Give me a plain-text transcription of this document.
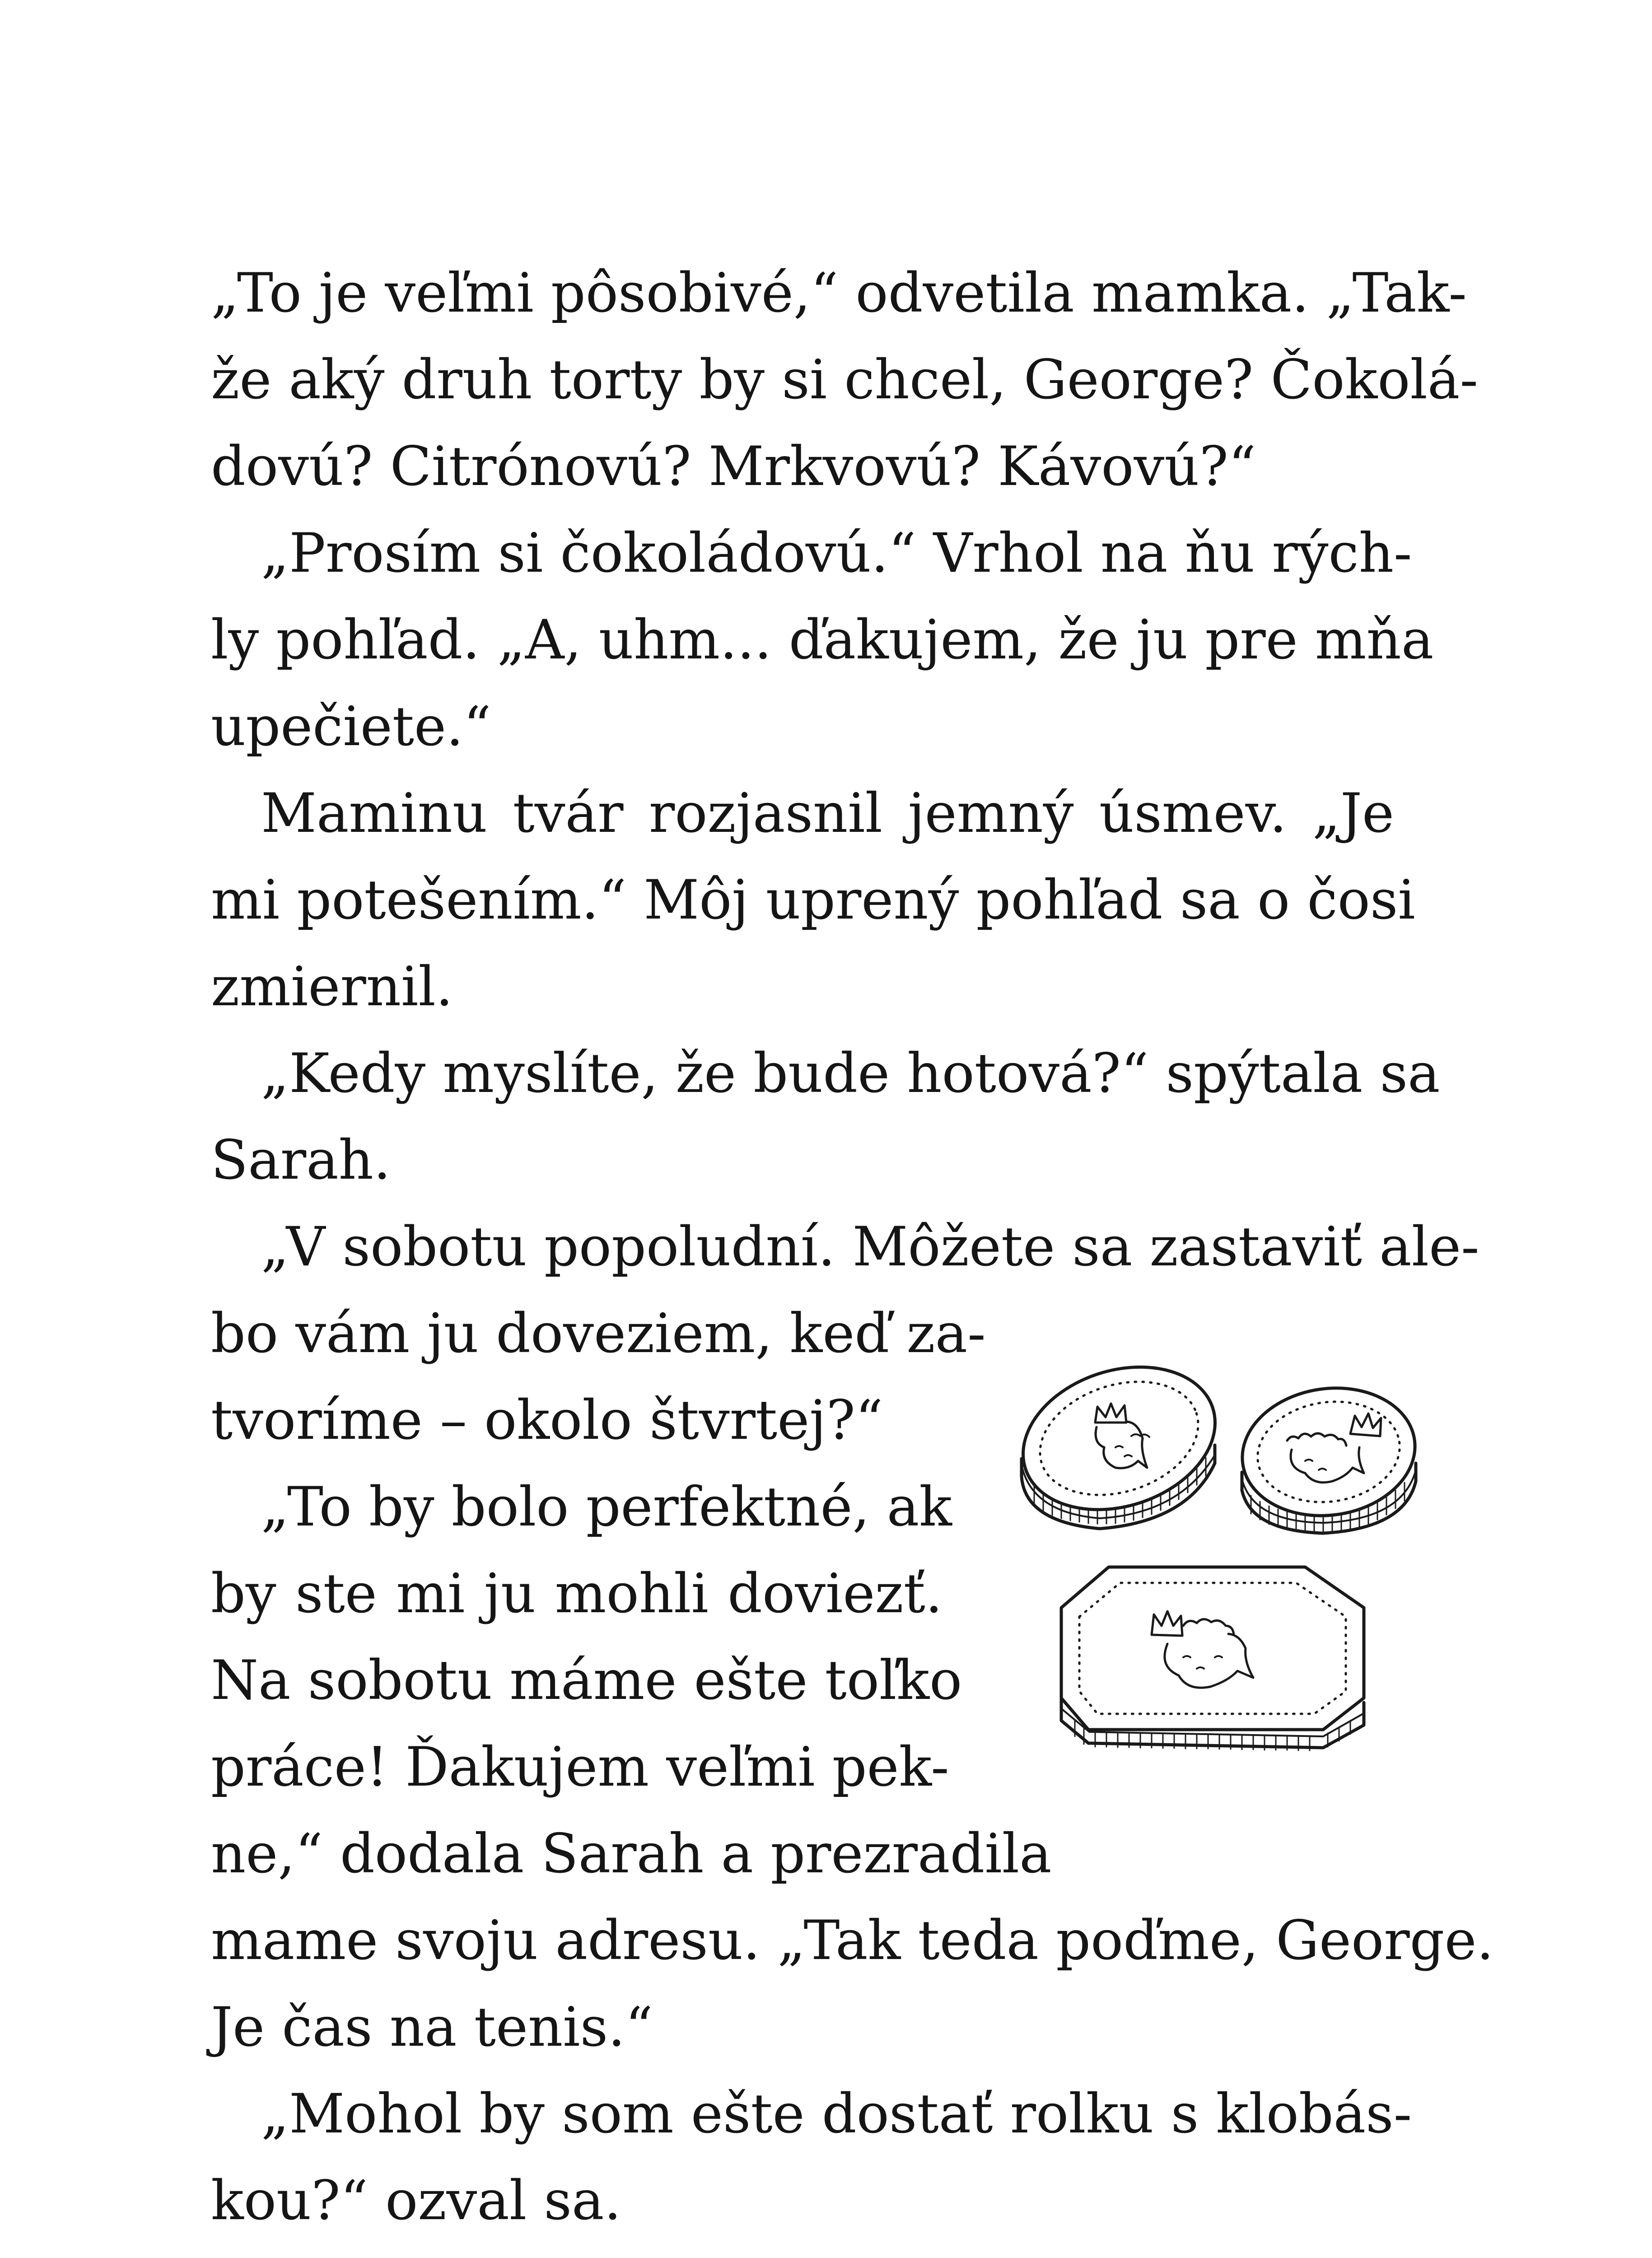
„To je veľmi pôsobivé,“ odvetila mamka. „Tak-
že aký druh torty by si chcel, George? Čokolá-
dovú? Citrónovú? Mrkvovú? Kávovú?“
„Prosím si čokoládovú.“ Vrhol na ňu rých-
ly pohľad. „A, uhm... ďakujem, že ju pre mňa
upečiete.“
Maminu tvár rozjasnil jemný úsmev. „Je
mi potešením.“ Môj uprený pohľad sa o čosi
zmiernil.
„Kedy myslíte, že bude hotová?“ spýtala sa
Sarah.
„V sobotu popoludní. Môžete sa zastaviť ale-
bo vám ju doveziem, keď za-
tvoríme – okolo štvrtej?“
„To by bolo perfektné, ak
by ste mi ju mohli doviezť.
Na sobotu máme ešte toľko
práce! Ďakujem veľmi pek-
ne,“ dodala Sarah a prezradila
mame svoju adresu. „Tak teda poďme, George.
Je čas na tenis.“
„Mohol by som ešte dostať rolku s klobás-
kou?“ ozval sa.
